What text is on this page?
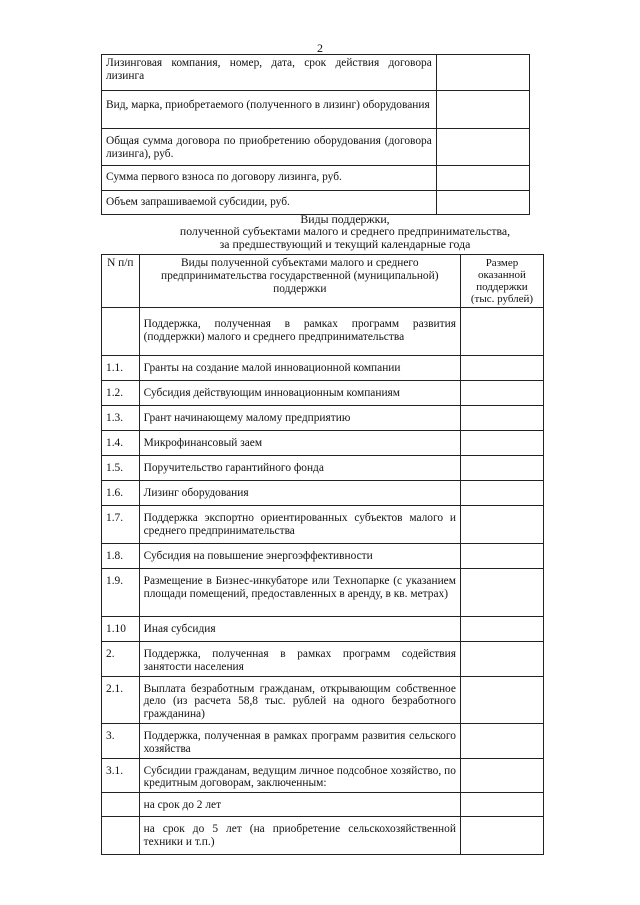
2
Лизинговая компания, номер, дата, срок действия договора лизинга	
Вид, марка, приобретаемого (полученного в лизинг) оборудования	
Общая сумма договора по приобретению оборудования (договора лизинга), руб.	
Сумма первого взноса по договору лизинга, руб.	
Объем запрашиваемой субсидии, руб.	
Виды поддержки,
полученной субъектами малого и среднего предпринимательства,
за предшествующий и текущий календарные года
N п/п	Виды полученной субъектами малого и среднего предпринимательства государственной (муниципальной) поддержки	Размер оказанной поддержки (тыс. рублей)
	Поддержка, полученная в рамках программ развития (поддержки) малого и среднего предпринимательства	
1.1.	Гранты на создание малой инновационной компании	
1.2.	Субсидия действующим инновационным компаниям	
1.3.	Грант начинающему малому предприятию	
1.4.	Микрофинансовый заем	
1.5.	Поручительство гарантийного фонда	
1.6.	Лизинг оборудования	
1.7.	Поддержка экспортно ориентированных субъектов малого и среднего предпринимательства	
1.8.	Субсидия на повышение энергоэффективности	
1.9.	Размещение в Бизнес-инкубаторе или Технопарке (с указанием площади помещений, предоставленных в аренду, в кв. метрах)	
1.10	Иная субсидия	
2.	Поддержка, полученная в рамках программ содействия занятости населения	
2.1.	Выплата безработным гражданам, открывающим собственное дело (из расчета 58,8 тыс. рублей на одного безработного гражданина)	
3.	Поддержка, полученная в рамках программ развития сельского хозяйства	
3.1.	Субсидии гражданам, ведущим личное подсобное хозяйство, по кредитным договорам, заключенным:	
	на срок до 2 лет	
	на срок до 5 лет (на приобретение сельскохозяйственной техники и т.п.)	
